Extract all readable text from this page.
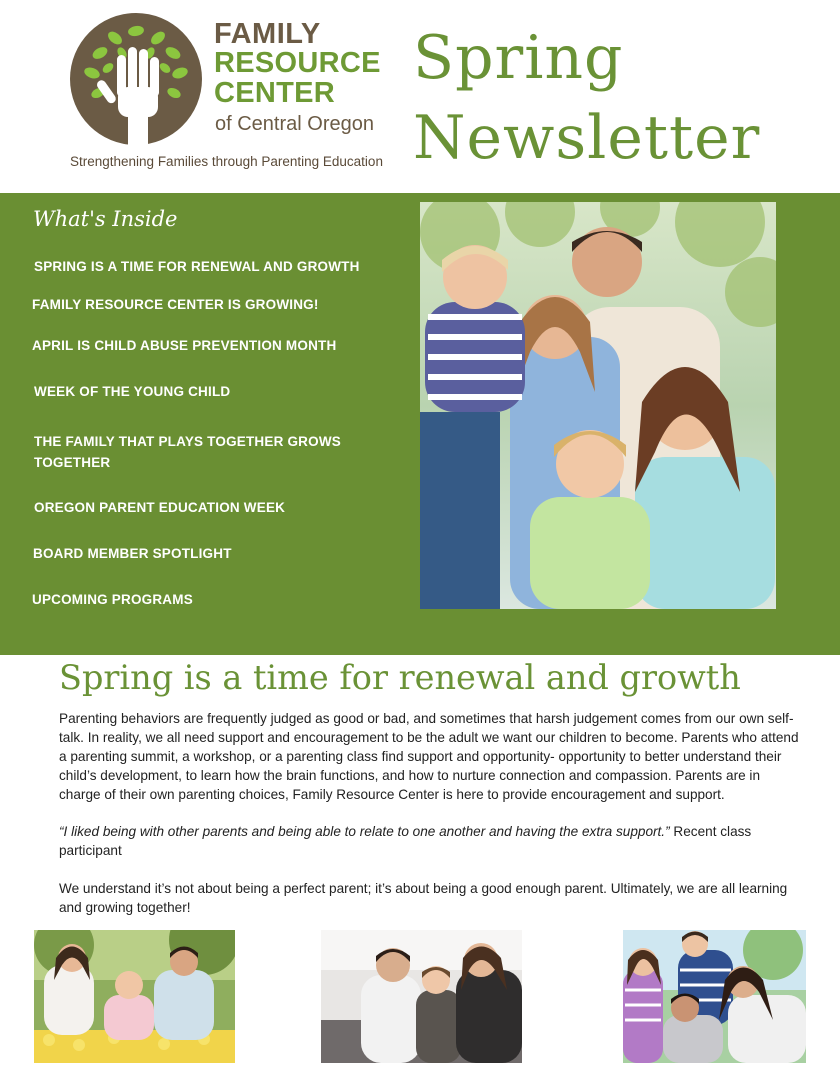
FAMILY
RESOURCE
CENTER
of Central Oregon
Strengthening Families through Parenting Education
Spring
Newsletter
What's Inside
SPRING IS A TIME FOR RENEWAL AND GROWTH
FAMILY RESOURCE CENTER IS GROWING!
APRIL IS CHILD ABUSE PREVENTION MONTH
WEEK OF THE YOUNG CHILD
THE FAMILY THAT PLAYS TOGETHER GROWS TOGETHER
OREGON PARENT EDUCATION WEEK
BOARD MEMBER SPOTLIGHT
UPCOMING PROGRAMS
Spring is a time for renewal and growth

Parenting behaviors are frequently judged as good or bad, and sometimes that harsh judgement comes from our own self-talk. In reality, we all need support and encouragement to be the adult we want our children to become. Parents who attend a parenting summit, a workshop, or a parenting class find support and opportunity- opportunity to better understand their child’s development, to learn how the brain functions, and how to nurture connection and compassion. Parents are in charge of their own parenting choices, Family Resource Center is here to provide encouragement and support.

“I liked being with other parents and being able to relate to one another and having the extra support.” Recent class participant

We understand it’s not about being a perfect parent; it’s about being a good enough parent. Ultimately, we are all learning and growing together!
